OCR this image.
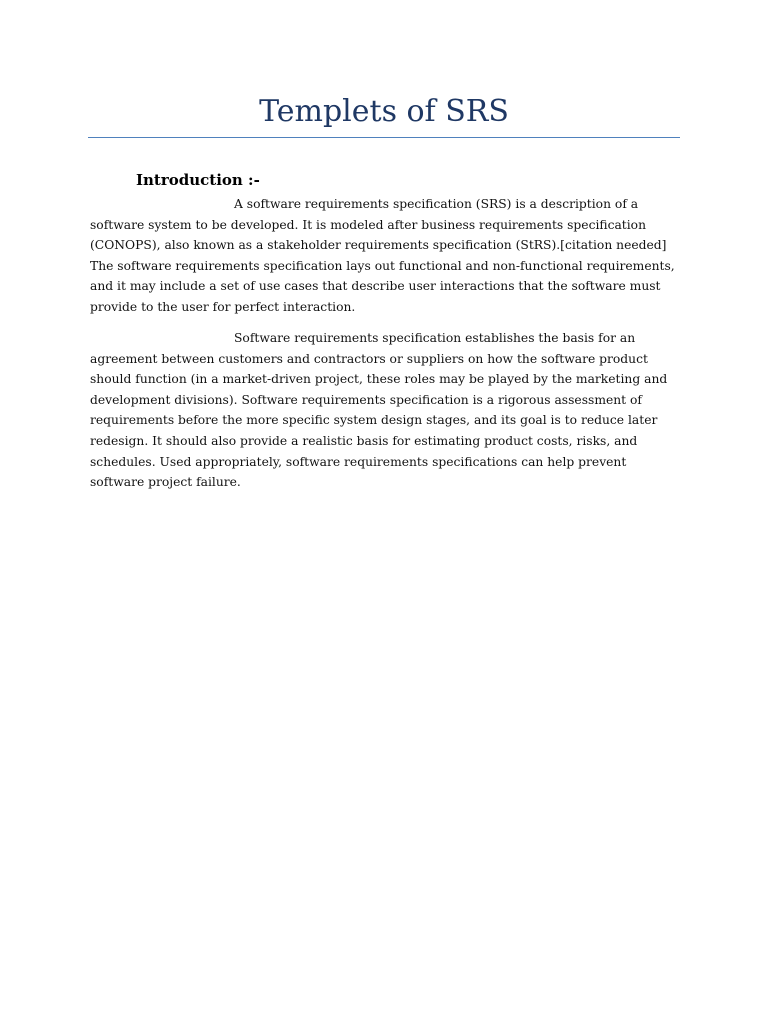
Templets of SRS
Introduction :-

A software requirements specification (SRS) is a description of a software system to be developed. It is modeled after business requirements specification (CONOPS), also known as a stakeholder requirements specification (StRS).[citation needed] The software requirements specification lays out functional and non-functional requirements, and it may include a set of use cases that describe user interactions that the software must provide to the user for perfect interaction.

Software requirements specification establishes the basis for an agreement between customers and contractors or suppliers on how the software product should function (in a market-driven project, these roles may be played by the marketing and development divisions). Software requirements specification is a rigorous assessment of requirements before the more specific system design stages, and its goal is to reduce later redesign. It should also provide a realistic basis for estimating product costs, risks, and schedules. Used appropriately, software requirements specifications can help prevent software project failure.
